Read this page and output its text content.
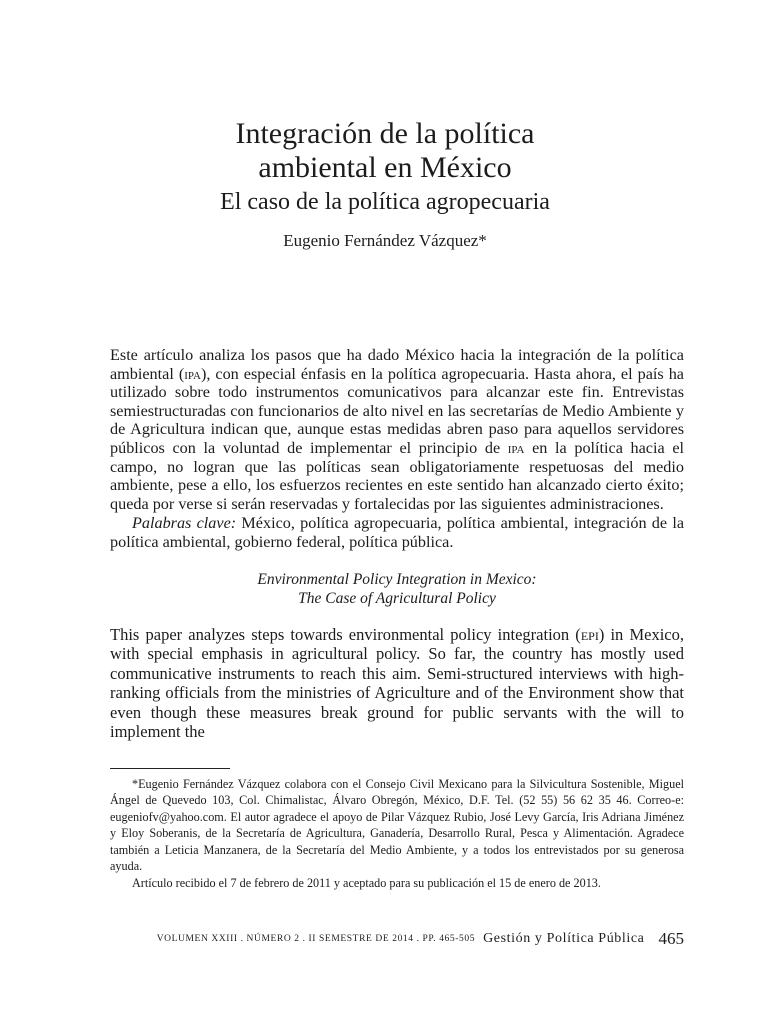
Integración de la política
ambiental en México
El caso de la política agropecuaria
Eugenio Fernández Vázquez*

Este artículo analiza los pasos que ha dado México hacia la integración de la política ambiental (ipa), con especial énfasis en la política agropecuaria. Hasta ahora, el país ha utilizado sobre todo instrumentos comunicativos para alcanzar este fin. Entrevistas semiestructuradas con funcionarios de alto nivel en las secretarías de Medio Ambiente y de Agricultura indican que, aunque estas medidas abren paso para aquellos servidores públicos con la voluntad de implementar el principio de ipa en la política hacia el campo, no logran que las políticas sean obligatoriamente respetuosas del medio ambiente, pese a ello, los esfuerzos recientes en este sentido han alcanzado cierto éxito; queda por verse si serán reservadas y fortalecidas por las siguientes administraciones.

Palabras clave: México, política agropecuaria, política ambiental, integración de la política ambiental, gobierno federal, política pública.

Environmental Policy Integration in Mexico:
The Case of Agricultural Policy

This paper analyzes steps towards environmental policy integration (epi) in Mexico, with special emphasis in agricultural policy. So far, the country has mostly used communicative instruments to reach this aim. Semi-structured interviews with high-ranking officials from the ministries of Agriculture and of the Environment show that even though these measures break ground for public servants with the will to implement the

*Eugenio Fernández Vázquez colabora con el Consejo Civil Mexicano para la Silvicultura Sostenible, Miguel Ángel de Quevedo 103, Col. Chimalistac, Álvaro Obregón, México, D.F. Tel. (52 55) 56 62 35 46. Correo-e: eugeniofv@yahoo.com. El autor agradece el apoyo de Pilar Vázquez Rubio, José Levy García, Iris Adriana Jiménez y Eloy Soberanis, de la Secretaría de Agricultura, Ganadería, Desarrollo Rural, Pesca y Alimentación. Agradece también a Leticia Manzanera, de la Secretaría del Medio Ambiente, y a todos los entrevistados por su generosa ayuda.

Artículo recibido el 7 de febrero de 2011 y aceptado para su publicación el 15 de enero de 2013.

VOLUMEN XXIII . NÚMERO 2 . II SEMESTRE DE 2014 . PP. 465-505 Gestión y Política Pública 465
